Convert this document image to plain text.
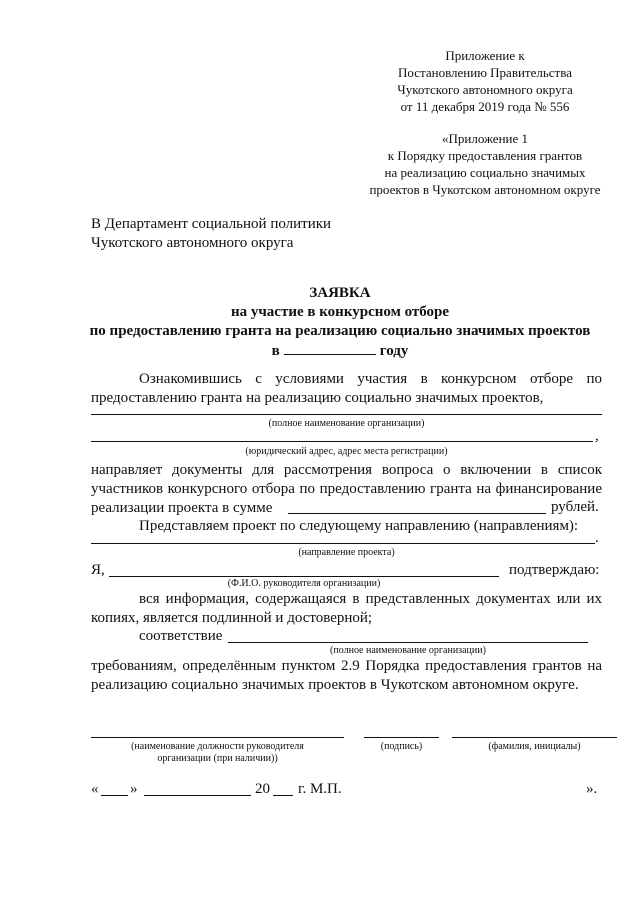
Приложение к
Постановлению Правительства
Чукотского автономного округа
от 11 декабря 2019 года № 556
«Приложение 1
к Порядку предоставления грантов
на реализацию социально значимых
проектов в Чукотском автономном округе
В Департамент социальной политики
Чукотского автономного округа
ЗАЯВКА
на участие в конкурсном отборе
по предоставлению гранта на реализацию социально значимых проектов
в	году
Ознакомившись с условиями участия в конкурсном отборе по
предоставлению гранта на реализацию социально значимых проектов,
(полное наименование организации)
,
(юридический адрес, адрес места регистрации)
направляет документы для рассмотрения вопроса о включении в список
участников конкурсного отбора по предоставлению гранта на финансирование
реализации проекта в сумме	рублей.
Представляем проект по следующему направлению (направлениям):
.
(направление проекта)
Я,	подтверждаю:
(Ф.И.О. руководителя организации)
вся информация, содержащаяся в представленных документах или их
копиях, является подлинной и достоверной;
соответствие
(полное наименование организации)
требованиям, определённым пунктом 2.9 Порядка предоставления грантов на
реализацию социально значимых проектов в Чукотском автономном округе.
(наименование должности руководителя
организации (при наличии))
(подпись)	(фамилия, инициалы)
« »	20 г. М.П.	».
